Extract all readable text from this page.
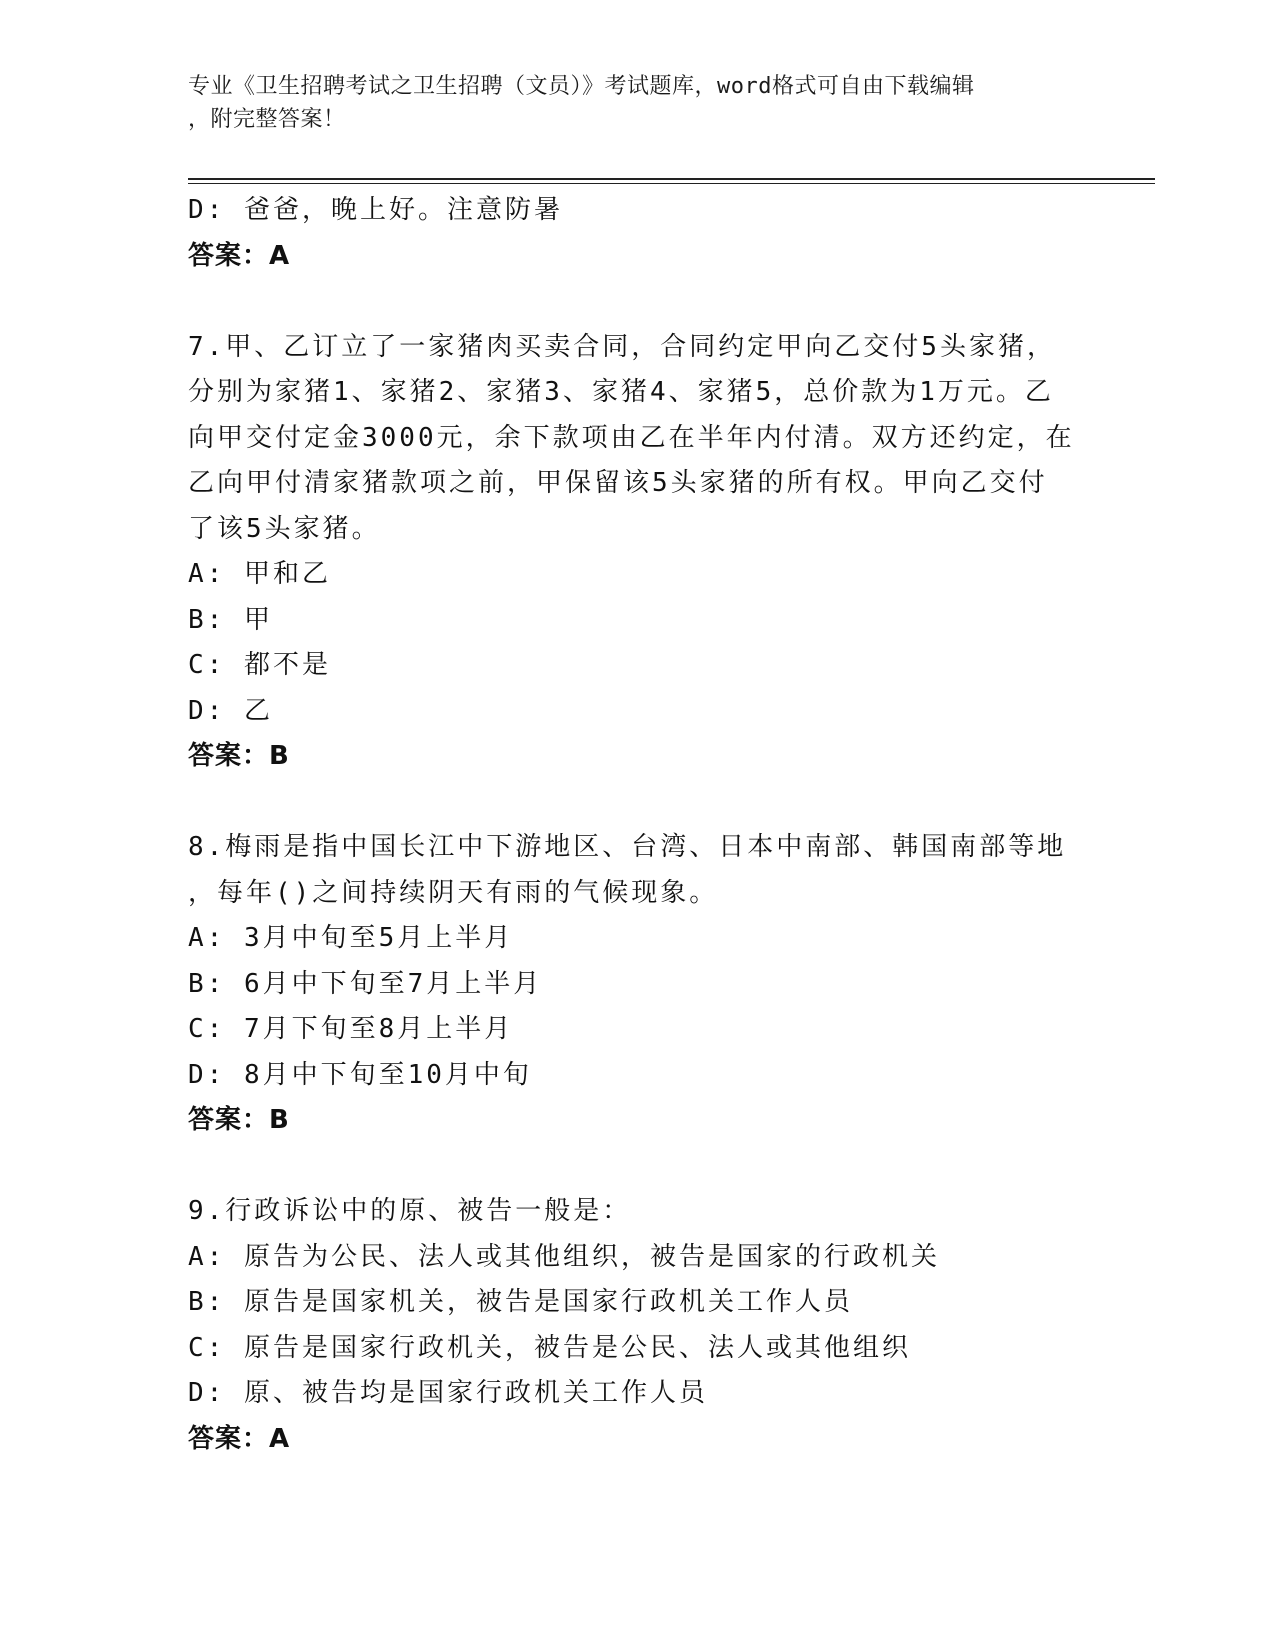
专业《卫生招聘考试之卫生招聘（文员）》考试题库，word格式可自由下载编辑
，附完整答案！
D: 爸爸，晚上好。注意防暑
答案：A
7.甲、乙订立了一家猪肉买卖合同，合同约定甲向乙交付5头家猪，
分别为家猪1、家猪2、家猪3、家猪4、家猪5，总价款为1万元。乙
向甲交付定金3000元，余下款项由乙在半年内付清。双方还约定，在
乙向甲付清家猪款项之前，甲保留该5头家猪的所有权。甲向乙交付
了该5头家猪。
A: 甲和乙
B: 甲
C: 都不是
D: 乙
答案：B
8.梅雨是指中国长江中下游地区、台湾、日本中南部、韩国南部等地
，每年()之间持续阴天有雨的气候现象。
A: 3月中旬至5月上半月
B: 6月中下旬至7月上半月
C: 7月下旬至8月上半月
D: 8月中下旬至10月中旬
答案：B
9.行政诉讼中的原、被告一般是：
A: 原告为公民、法人或其他组织，被告是国家的行政机关
B: 原告是国家机关，被告是国家行政机关工作人员
C: 原告是国家行政机关，被告是公民、法人或其他组织
D: 原、被告均是国家行政机关工作人员
答案：A
